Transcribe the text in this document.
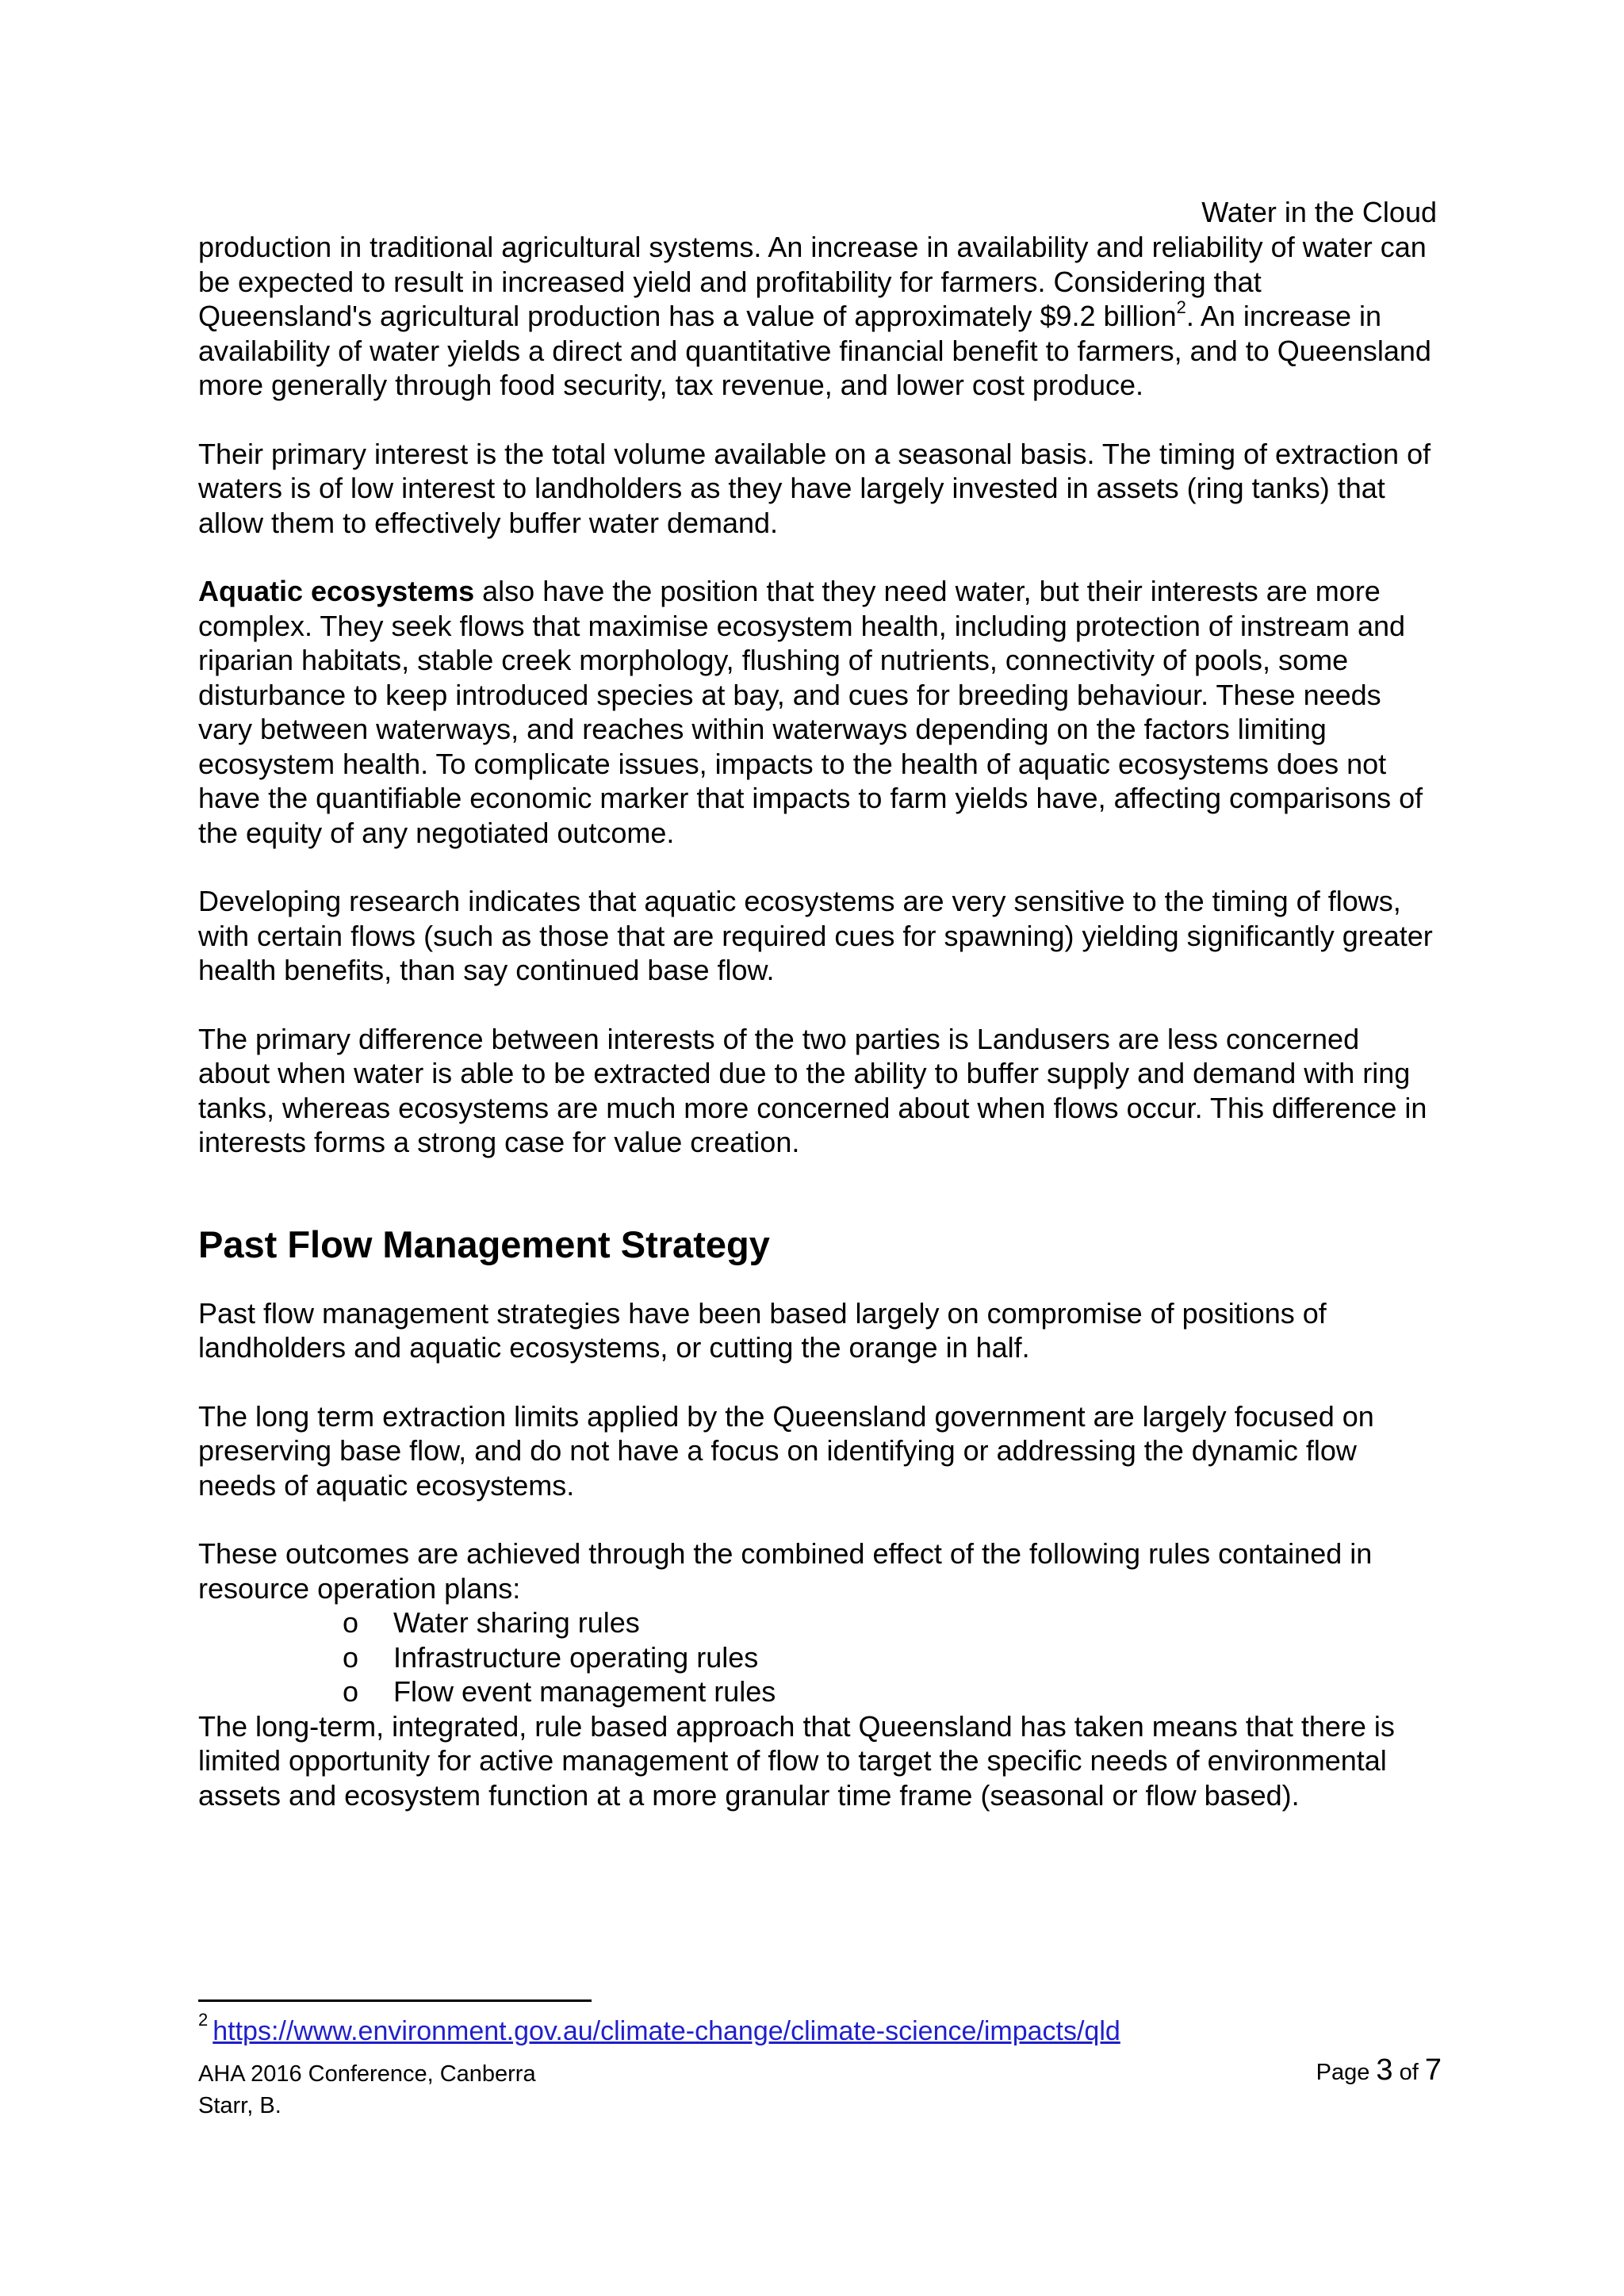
Water in the Cloud

production in traditional agricultural systems. An increase in availability and reliability of water can be expected to result in increased yield and profitability for farmers. Considering that Queensland's agricultural production has a value of approximately $9.2 billion$^2$. An increase in availability of water yields a direct and quantitative financial benefit to farmers, and to Queensland more generally through food security, tax revenue, and lower cost produce.

Their primary interest is the total volume available on a seasonal basis. The timing of extraction of waters is of low interest to landholders as they have largely invested in assets (ring tanks) that allow them to effectively buffer water demand.

Aquatic ecosystems also have the position that they need water, but their interests are more complex. They seek flows that maximise ecosystem health, including protection of instream and riparian habitats, stable creek morphology, flushing of nutrients, connectivity of pools, some disturbance to keep introduced species at bay, and cues for breeding behaviour. These needs vary between waterways, and reaches within waterways depending on the factors limiting ecosystem health. To complicate issues, impacts to the health of aquatic ecosystems does not have the quantifiable economic marker that impacts to farm yields have, affecting comparisons of the equity of any negotiated outcome.

Developing research indicates that aquatic ecosystems are very sensitive to the timing of flows, with certain flows (such as those that are required cues for spawning) yielding significantly greater health benefits, than say continued base flow.

The primary difference between interests of the two parties is Landusers are less concerned about when water is able to be extracted due to the ability to buffer supply and demand with ring tanks, whereas ecosystems are much more concerned about when flows occur. This difference in interests forms a strong case for value creation.

Past Flow Management Strategy

Past flow management strategies have been based largely on compromise of positions of landholders and aquatic ecosystems, or cutting the orange in half.

The long term extraction limits applied by the Queensland government are largely focused on preserving base flow, and do not have a focus on identifying or addressing the dynamic flow needs of aquatic ecosystems.

These outcomes are achieved through the combined effect of the following rules contained in resource operation plans:

o	Water sharing rules
o	Infrastructure operating rules
o	Flow event management rules

The long-term, integrated, rule based approach that Queensland has taken means that there is limited opportunity for active management of flow to target the specific needs of environmental assets and ecosystem function at a more granular time frame (seasonal or flow based).

$^2$ https://www.environment.gov.au/climate-change/climate-science/impacts/qld
AHA 2016 Conference, Canberra
Starr, B.
Page 3 of 7
